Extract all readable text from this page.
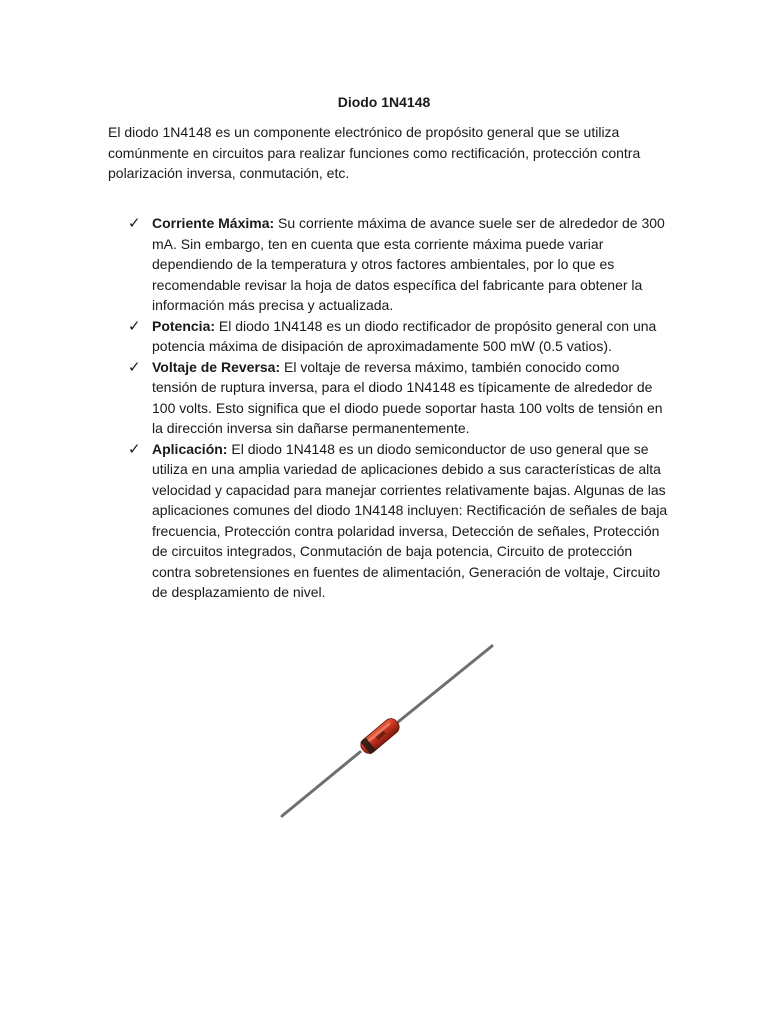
Diodo 1N4148
El diodo 1N4148 es un componente electrónico de propósito general que se utiliza comúnmente en circuitos para realizar funciones como rectificación, protección contra polarización inversa, conmutación, etc.
✓ Corriente Máxima: Su corriente máxima de avance suele ser de alrededor de 300 mA. Sin embargo, ten en cuenta que esta corriente máxima puede variar dependiendo de la temperatura y otros factores ambientales, por lo que es recomendable revisar la hoja de datos específica del fabricante para obtener la información más precisa y actualizada.
✓ Potencia: El diodo 1N4148 es un diodo rectificador de propósito general con una potencia máxima de disipación de aproximadamente 500 mW (0.5 vatios).
✓ Voltaje de Reversa: El voltaje de reversa máximo, también conocido como tensión de ruptura inversa, para el diodo 1N4148 es típicamente de alrededor de 100 volts. Esto significa que el diodo puede soportar hasta 100 volts de tensión en la dirección inversa sin dañarse permanentemente.
✓ Aplicación: El diodo 1N4148 es un diodo semiconductor de uso general que se utiliza en una amplia variedad de aplicaciones debido a sus características de alta velocidad y capacidad para manejar corrientes relativamente bajas. Algunas de las aplicaciones comunes del diodo 1N4148 incluyen: Rectificación de señales de baja frecuencia, Protección contra polaridad inversa, Detección de señales, Protección de circuitos integrados, Conmutación de baja potencia, Circuito de protección contra sobretensiones en fuentes de alimentación, Generación de voltaje, Circuito de desplazamiento de nivel.
